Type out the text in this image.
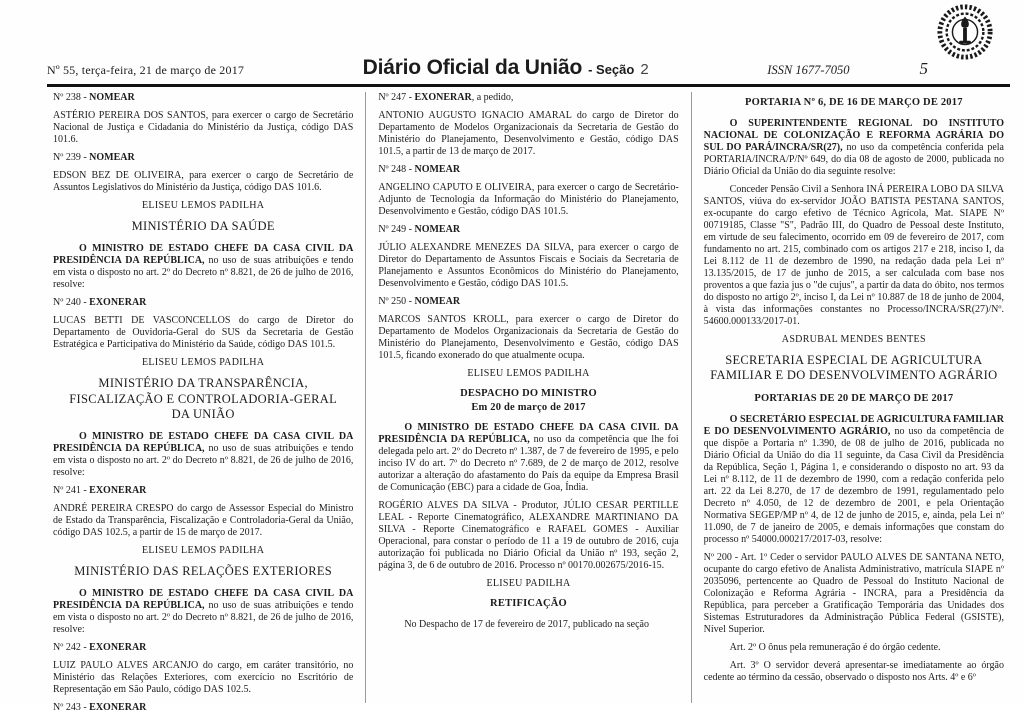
Nº 55, terça-feira, 21 de março de 2017	Diário Oficial da União - Seção 2	ISSN 1677-7050	5
Nº 238 - NOMEAR

ASTÉRIO PEREIRA DOS SANTOS, para exercer o cargo de Secretário Nacional de Justiça e Cidadania do Ministério da Justiça, código DAS 101.6.

Nº 239 - NOMEAR

EDSON BEZ DE OLIVEIRA, para exercer o cargo de Secretário de Assuntos Legislativos do Ministério da Justiça, código DAS 101.6.

ELISEU LEMOS PADILHA
MINISTÉRIO DA SAÚDE

O MINISTRO DE ESTADO CHEFE DA CASA CIVIL DA PRESIDÊNCIA DA REPÚBLICA, no uso de suas atribuições e tendo em vista o disposto no art. 2º do Decreto nº 8.821, de 26 de julho de 2016, resolve:

Nº 240 - EXONERAR

LUCAS BETTI DE VASCONCELLOS do cargo de Diretor do Departamento de Ouvidoria-Geral do SUS da Secretaria de Gestão Estratégica e Participativa do Ministério da Saúde, código DAS 101.5.

ELISEU LEMOS PADILHA
MINISTÉRIO DA TRANSPARÊNCIA,
FISCALIZAÇÃO E CONTROLADORIA-GERAL
DA UNIÃO

O MINISTRO DE ESTADO CHEFE DA CASA CIVIL DA PRESIDÊNCIA DA REPÚBLICA, no uso de suas atribuições e tendo em vista o disposto no art. 2º do Decreto nº 8.821, de 26 de julho de 2016, resolve:

Nº 241 - EXONERAR

ANDRÉ PEREIRA CRESPO do cargo de Assessor Especial do Ministro de Estado da Transparência, Fiscalização e Controladoria-Geral da União, código DAS 102.5, a partir de 15 de março de 2017.

ELISEU LEMOS PADILHA
MINISTÉRIO DAS RELAÇÕES EXTERIORES

O MINISTRO DE ESTADO CHEFE DA CASA CIVIL DA PRESIDÊNCIA DA REPÚBLICA, no uso de suas atribuições e tendo em vista o disposto no art. 2º do Decreto nº 8.821, de 26 de julho de 2016, resolve:

Nº 242 - EXONERAR

LUIZ PAULO ALVES ARCANJO do cargo, em caráter transitório, no Ministério das Relações Exteriores, com exercício no Escritório de Representação em São Paulo, código DAS 102.5.

Nº 243 - EXONERAR
Nº 247 - EXONERAR, a pedido,

ANTONIO AUGUSTO IGNACIO AMARAL do cargo de Diretor do Departamento de Modelos Organizacionais da Secretaria de Gestão do Ministério do Planejamento, Desenvolvimento e Gestão, código DAS 101.5, a partir de 13 de março de 2017.

Nº 248 - NOMEAR

ANGELINO CAPUTO E OLIVEIRA, para exercer o cargo de Secretário-Adjunto de Tecnologia da Informação do Ministério do Planejamento, Desenvolvimento e Gestão, código DAS 101.5.

Nº 249 - NOMEAR

JÚLIO ALEXANDRE MENEZES DA SILVA, para exercer o cargo de Diretor do Departamento de Assuntos Fiscais e Sociais da Secretaria de Planejamento e Assuntos Econômicos do Ministério do Planejamento, Desenvolvimento e Gestão, código DAS 101.5.

Nº 250 - NOMEAR

MARCOS SANTOS KROLL, para exercer o cargo de Diretor do Departamento de Modelos Organizacionais da Secretaria de Gestão do Ministério do Planejamento, Desenvolvimento e Gestão, código DAS 101.5, ficando exonerado do que atualmente ocupa.

ELISEU LEMOS PADILHA
DESPACHO DO MINISTRO
Em 20 de março de 2017

O MINISTRO DE ESTADO CHEFE DA CASA CIVIL DA PRESIDÊNCIA DA REPÚBLICA, no uso da competência que lhe foi delegada pelo art. 2º do Decreto nº 1.387, de 7 de fevereiro de 1995, e pelo inciso IV do art. 7º do Decreto nº 7.689, de 2 de março de 2012, resolve autorizar a alteração do afastamento do País da equipe da Empresa Brasil de Comunicação (EBC) para a cidade de Goa, Índia.

ROGÉRIO ALVES DA SILVA - Produtor, JÚLIO CESAR PERTILLE LEAL - Reporte Cinematográfico, ALEXANDRE MARTINIANO DA SILVA - Reporte Cinematográfico e RAFAEL GOMES - Auxiliar Operacional, para constar o período de 11 a 19 de outubro de 2016, cuja autorização foi publicada no Diário Oficial da União nº 193, seção 2, página 3, de 6 de outubro de 2016. Processo nº 00170.002675/2016-15.

ELISEU PADILHA
RETIFICAÇÃO

No Despacho de 17 de fevereiro de 2017, publicado na seção

PORTARIA Nº 6, DE 16 DE MARÇO DE 2017

O SUPERINTENDENTE REGIONAL DO INSTITUTO NACIONAL DE COLONIZAÇÃO E REFORMA AGRÁRIA DO SUL DO PARÁ/INCRA/SR(27), no uso da competência conferida pela PORTARIA/INCRA/P/Nº 649, do dia 08 de agosto de 2000, publicada no Diário Oficial da União do dia seguinte resolve:

Conceder Pensão Civil a Senhora INÁ PEREIRA LOBO DA SILVA SANTOS, viúva do ex-servidor JOÃO BATISTA PESTANA SANTOS, ex-ocupante do cargo efetivo de Técnico Agrícola, Mat. SIAPE Nº 00719185, Classe "S", Padrão III, do Quadro de Pessoal deste Instituto, em virtude de seu falecimento, ocorrido em 09 de fevereiro de 2017, com fundamento no art. 215, combinado com os artigos 217 e 218, inciso I, da Lei 8.112 de 11 de dezembro de 1990, na redação dada pela Lei nº 13.135/2015, de 17 de junho de 2015, a ser calculada com base nos proventos a que fazia jus o "de cujus", a partir da data do óbito, nos termos do disposto no artigo 2º, inciso I, da Lei nº 10.887 de 18 de junho de 2004, à vista das informações constantes no Processo/INCRA/SR(27)/Nº. 54600.000133/2017-01.

ASDRUBAL MENDES BENTES
SECRETARIA ESPECIAL DE AGRICULTURA
FAMILIAR E DO DESENVOLVIMENTO AGRÁRIO
PORTARIAS DE 20 DE MARÇO DE 2017

O SECRETÁRIO ESPECIAL DE AGRICULTURA FAMILIAR E DO DESENVOLVIMENTO AGRÁRIO, no uso da competência de que dispõe a Portaria nº 1.390, de 08 de julho de 2016, publicada no Diário Oficial da União do dia 11 seguinte, da Casa Civil da Presidência da República, Seção 1, Página 1, e considerando o disposto no art. 93 da Lei nº 8.112, de 11 de dezembro de 1990, com a redação conferida pelo art. 22 da Lei 8.270, de 17 de dezembro de 1991, regulamentado pelo Decreto nº 4.050, de 12 de dezembro de 2001, e pela Orientação Normativa SEGEP/MP nº 4, de 12 de junho de 2015, e, ainda, pela Lei nº 11.090, de 7 de janeiro de 2005, e demais informações que constam do processo nº 54000.000217/2017-03, resolve:

Nº 200 - Art. 1º Ceder o servidor PAULO ALVES DE SANTANA NETO, ocupante do cargo efetivo de Analista Administrativo, matrícula SIAPE nº 2035096, pertencente ao Quadro de Pessoal do Instituto Nacional de Colonização e Reforma Agrária - INCRA, para a Presidência da República, para perceber a Gratificação Temporária das Unidades dos Sistemas Estruturadores da Administração Pública Federal (GSISTE), Nível Superior.

Art. 2º O ônus pela remuneração é do órgão cedente.

Art. 3º O servidor deverá apresentar-se imediatamente ao órgão cedente ao término da cessão, observado o disposto nos Arts. 4º e 6º
